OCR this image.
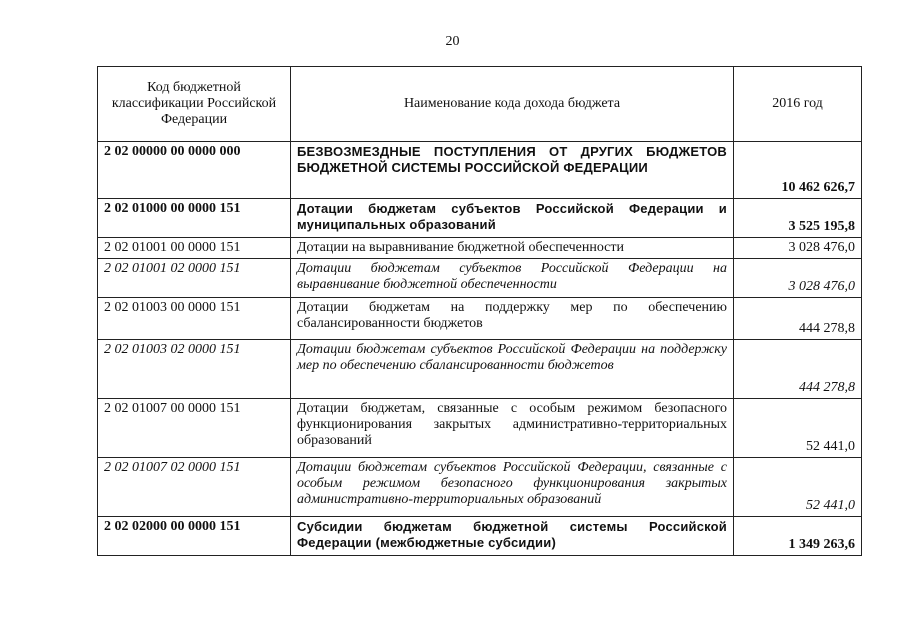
20
Код бюджетной классификации Российской Федерации	Наименование кода дохода бюджета	2016 год
2 02 00000 00 0000 000	БЕЗВОЗМЕЗДНЫЕ ПОСТУПЛЕНИЯ ОТ ДРУГИХ БЮДЖЕТОВ БЮДЖЕТНОЙ СИСТЕМЫ РОССИЙСКОЙ ФЕДЕРАЦИИ	10 462 626,7
2 02 01000 00 0000 151	Дотации бюджетам субъектов Российской Федерации и муниципальных образований	3 525 195,8
2 02 01001 00 0000 151	Дотации на выравнивание бюджетной обеспеченности	3 028 476,0
2 02 01001 02 0000 151	Дотации бюджетам субъектов Российской Федерации на выравнивание бюджетной обеспеченности	3 028 476,0
2 02 01003 00 0000 151	Дотации бюджетам на поддержку мер по обеспечению сбалансированности бюджетов	444 278,8
2 02 01003 02 0000 151	Дотации бюджетам субъектов Российской Федерации на поддержку мер по обеспечению сбалансированности бюджетов	444 278,8
2 02 01007 00 0000 151	Дотации бюджетам, связанные с особым режимом безопасного функционирования закрытых административно-территориальных образований	52 441,0
2 02 01007 02 0000 151	Дотации бюджетам субъектов Российской Федерации, связанные с особым режимом безопасного функционирования закрытых административно-территориальных образований	52 441,0
2 02 02000 00 0000 151	Субсидии бюджетам бюджетной системы Российской Федерации (межбюджетные субсидии)	1 349 263,6
